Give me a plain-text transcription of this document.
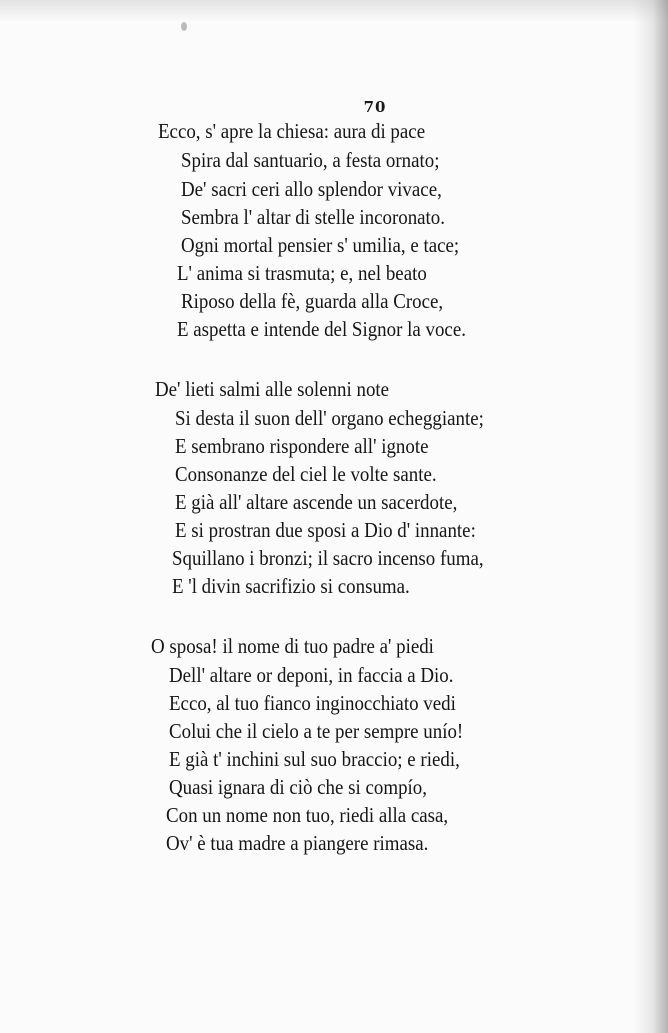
70
Ecco, s' apre la chiesa: aura di pace
Spira dal santuario, a festa ornato;
De' sacri ceri allo splendor vivace,
Sembra l' altar di stelle incoronato.
Ogni mortal pensier s' umilia, e tace;
L' anima si trasmuta; e, nel beato
Riposo della fè, guarda alla Croce,
E aspetta e intende del Signor la voce.
De' lieti salmi alle solenni note
Si desta il suon dell' organo echeggiante;
E sembrano rispondere all' ignote
Consonanze del ciel le volte sante.
E già all' altare ascende un sacerdote,
E si prostran due sposi a Dio d' innante:
Squillano i bronzi; il sacro incenso fuma,
E 'l divin sacrifizio si consuma.
O sposa! il nome di tuo padre a' piedi
Dell' altare or deponi, in faccia a Dio.
Ecco, al tuo fianco inginocchiato vedi
Colui che il cielo a te per sempre unío!
E già t' inchini sul suo braccio; e riedi,
Quasi ignara di ciò che si compío,
Con un nome non tuo, riedi alla casa,
Ov' è tua madre a piangere rimasa.
